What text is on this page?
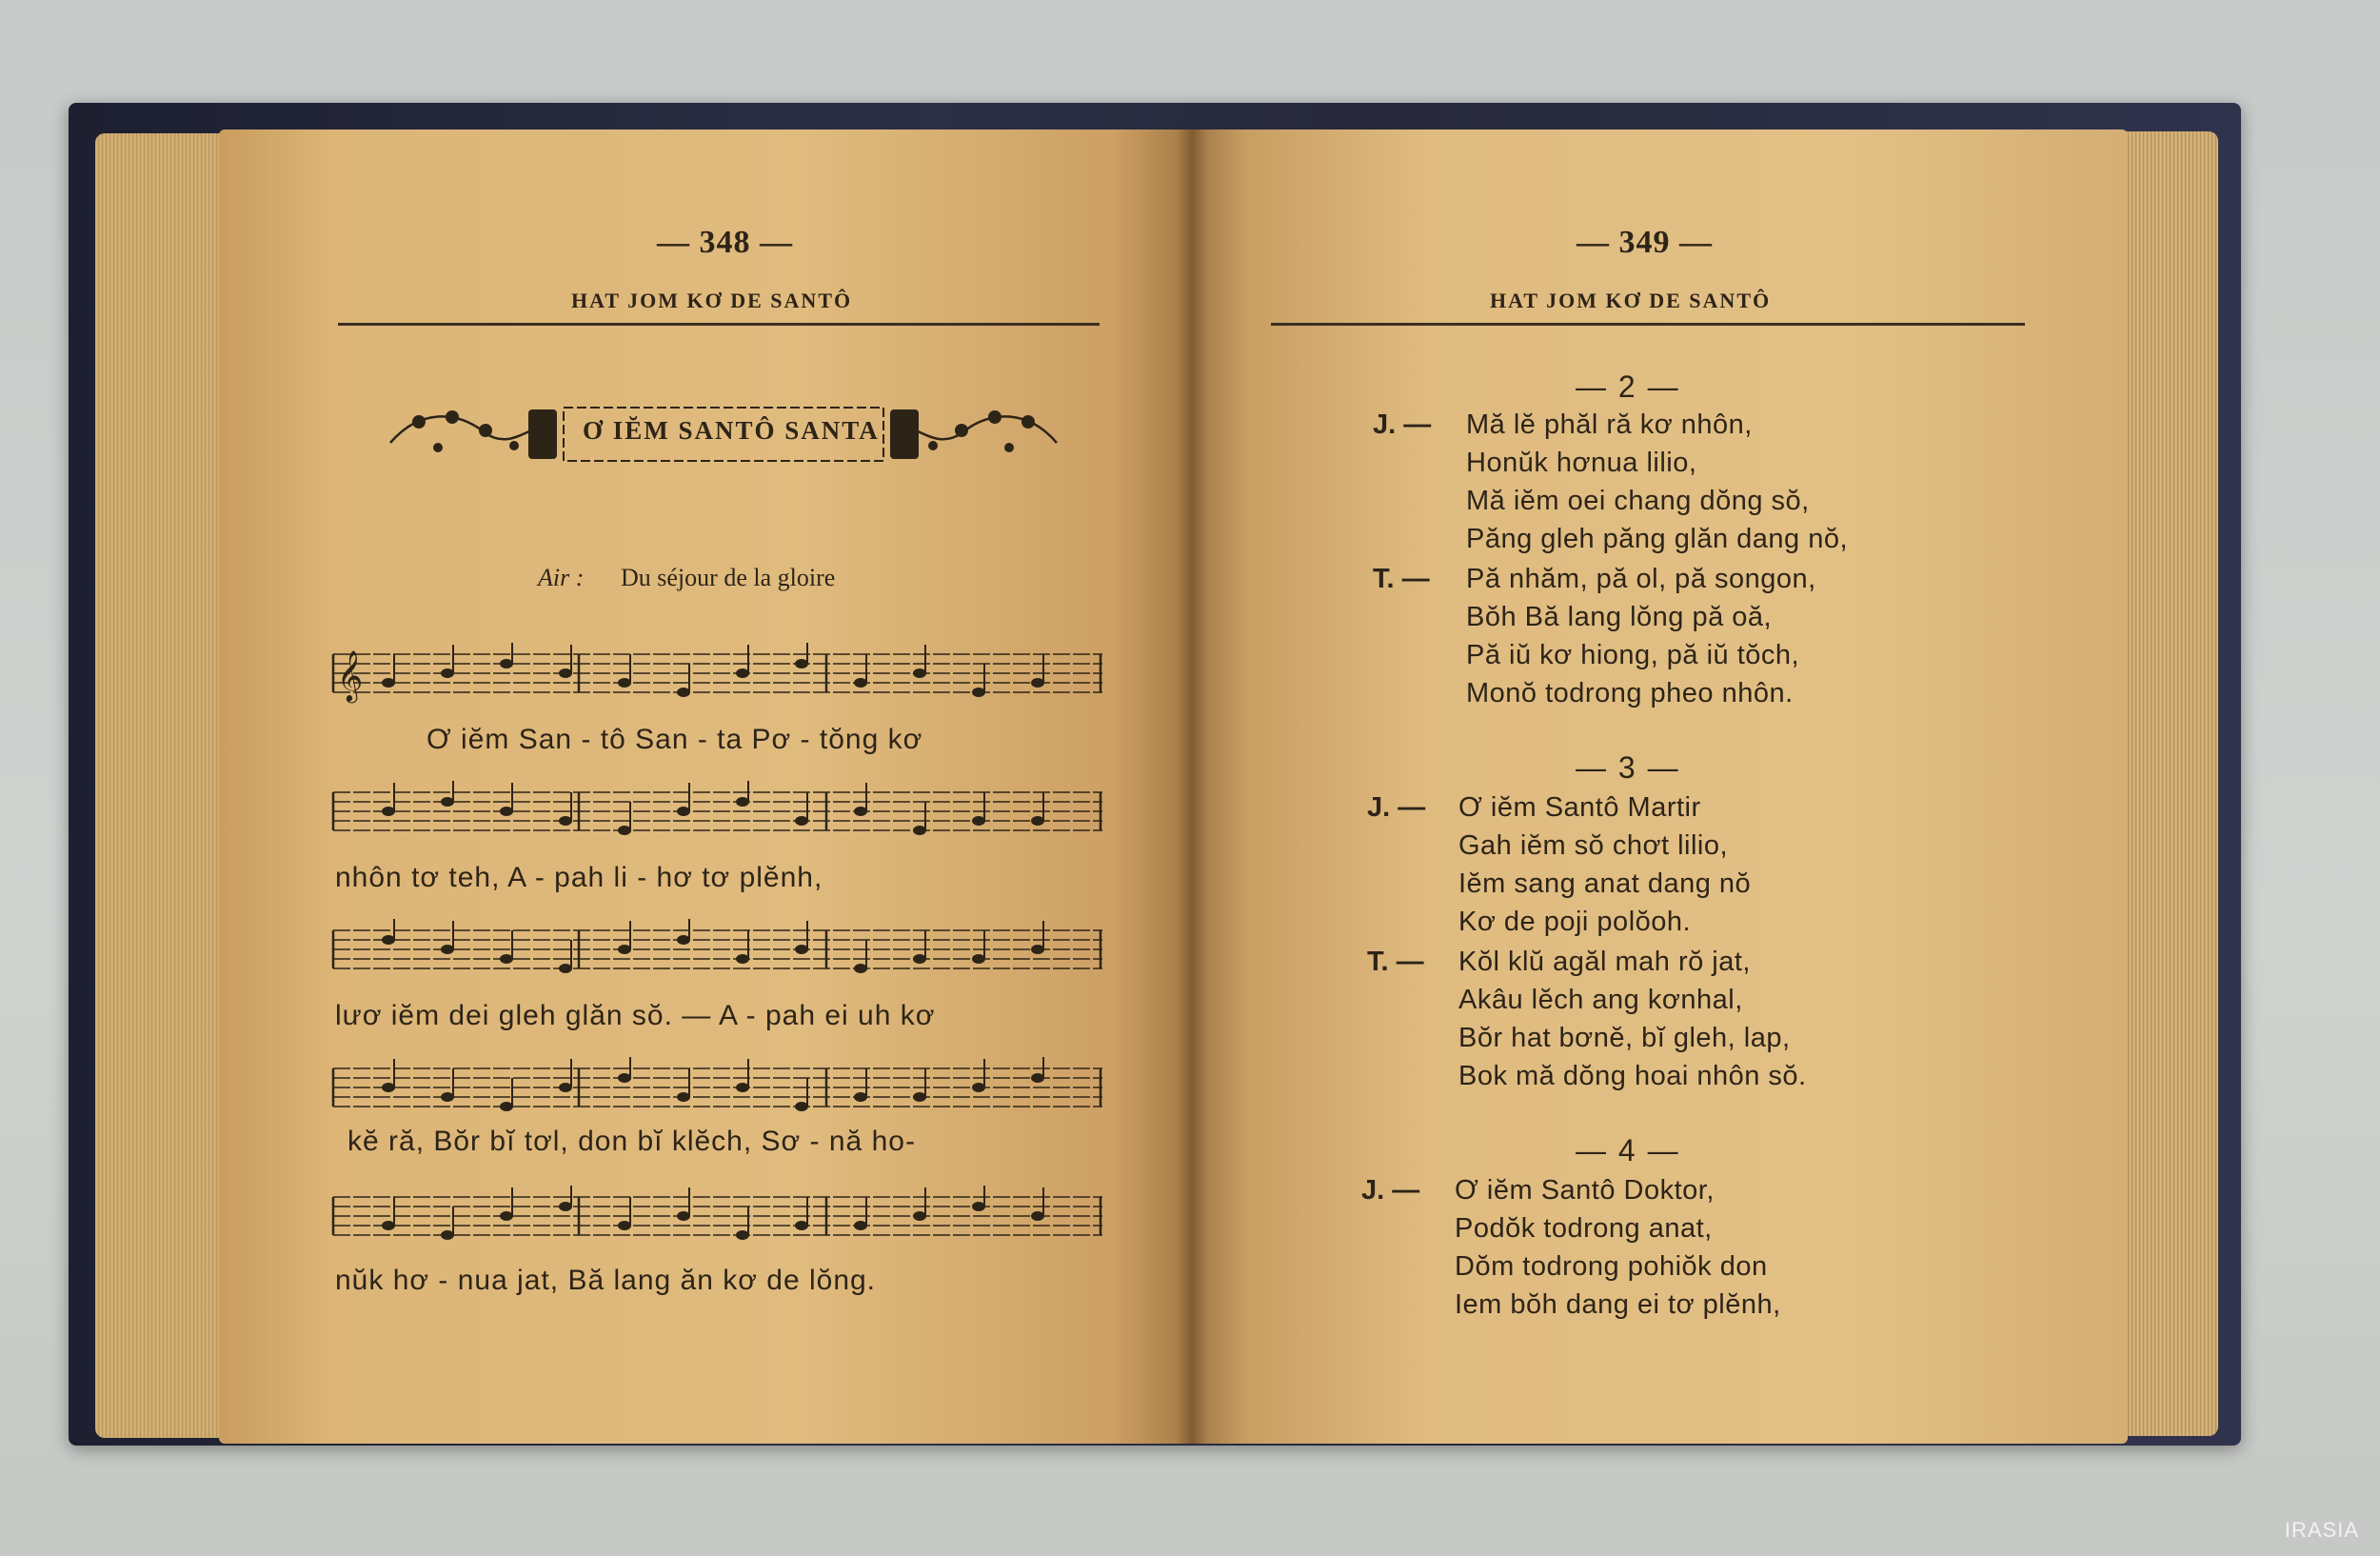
— 348 —
HAT JOM KƠ DE SANTÔ
Ơ IĔM SANTÔ SANTA
Air : Du séjour de la gloire
𝄞
Ơ iĕm San - tô San - ta Pơ - tŏng kơ
nhôn tơ teh, A - pah li - hơ tơ plĕnh,
lươ iĕm dei gleh glăn sŏ. — A - pah ei uh kơ
kĕ ră, Bŏr bĭ tơl, don bĭ klĕch, Sơ - nă ho-
nŭk hơ - nua jat, Bă lang ăn kơ de lŏng.
— 349 —
HAT JOM KƠ DE SANTÔ
— 2 —
J. — Mă lĕ phăl ră kơ nhôn,
Honŭk hơnua lilio,
Mă iĕm oei chang dŏng sŏ,
Păng gleh păng glăn dang nŏ,
T. — Pă nhăm, pă ol, pă songon,
Bŏh Bă lang lŏng pă oă,
Pă iŭ kơ hiong, pă iŭ tŏch,
Monŏ todrong pheo nhôn.
— 3 —
J. — Ơ iĕm Santô Martir
Gah iĕm sŏ chơt lilio,
Iĕm sang anat dang nŏ
Kơ de poji polŏoh.
T. — Kŏl klŭ agăl mah rŏ jat,
Akâu lĕch ang kơnhal,
Bŏr hat bơnĕ, bĭ gleh, lap,
Bok mă dŏng hoai nhôn sŏ.
— 4 —
J. — Ơ iĕm Santô Doktor,
Podŏk todrong anat,
Dŏm todrong pohiŏk don
Iem bŏh dang ei tơ plĕnh,
IRASIA
